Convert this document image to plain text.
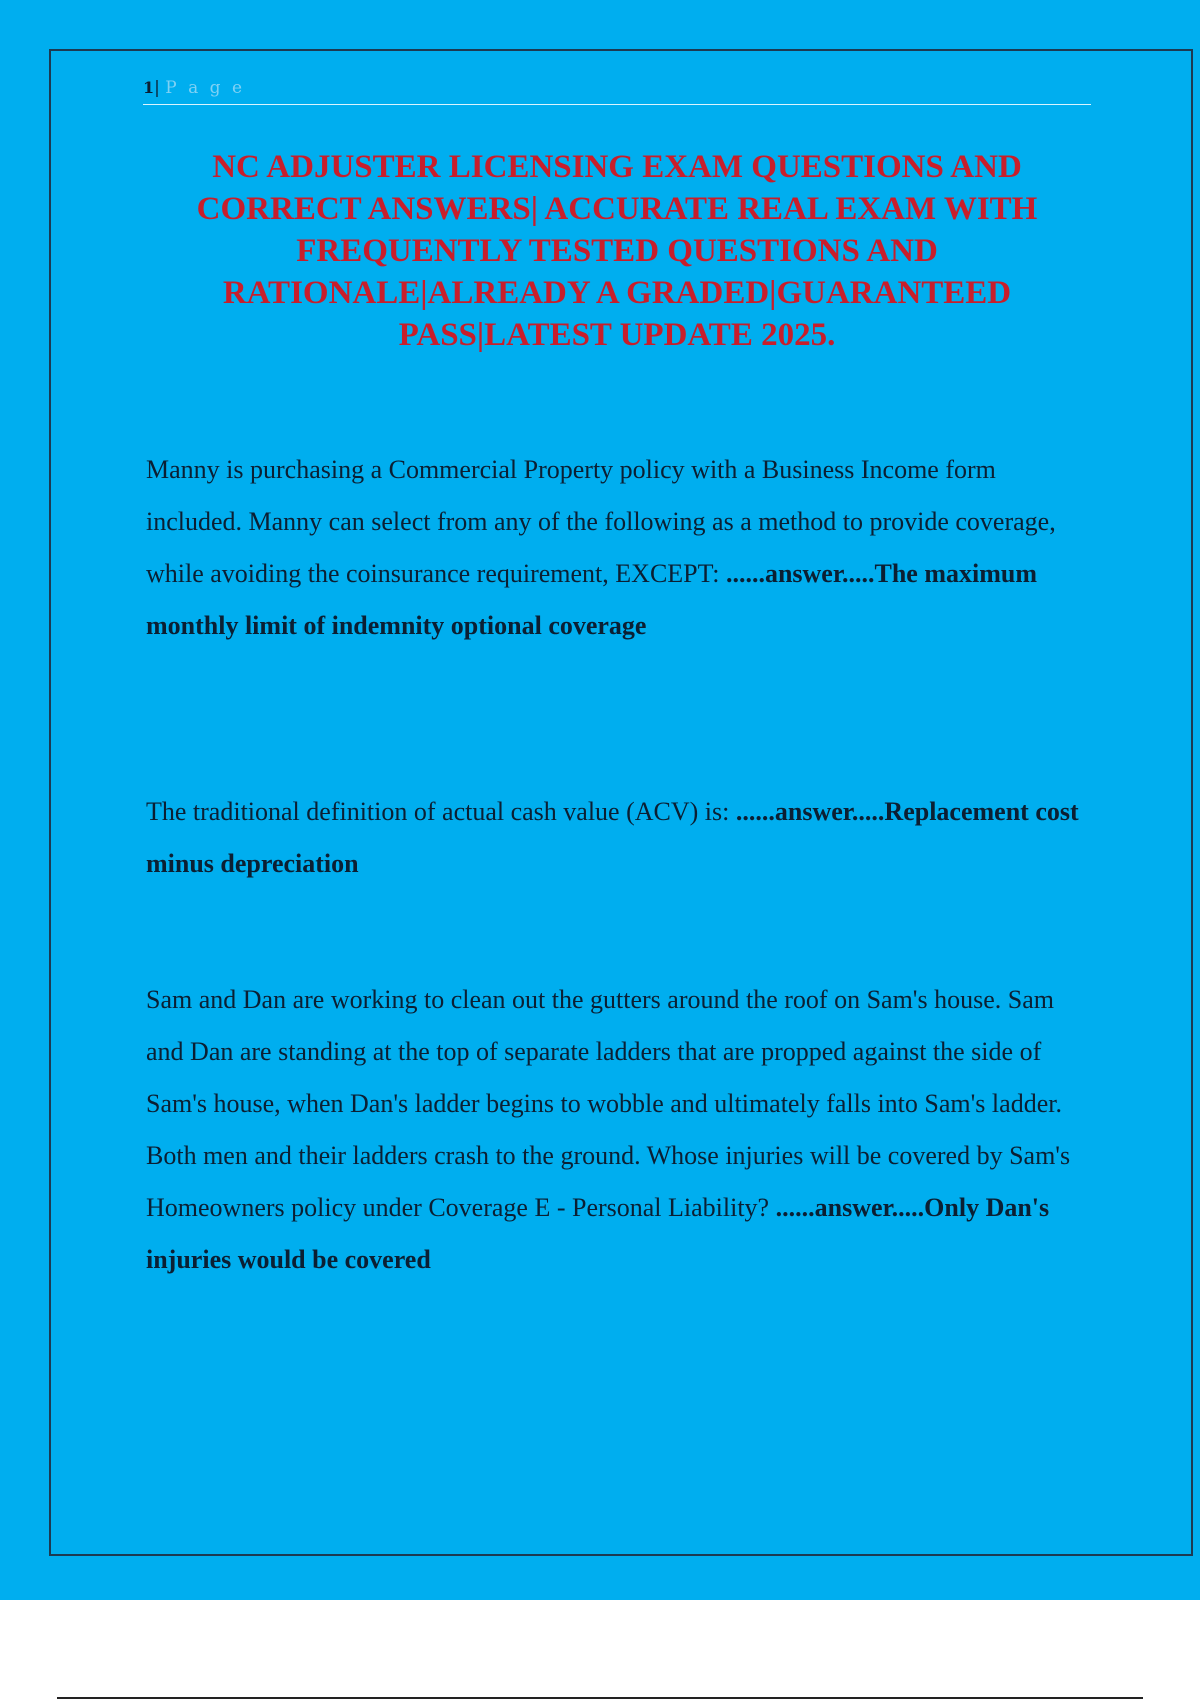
1| P a g e
NC ADJUSTER LICENSING EXAM QUESTIONS AND CORRECT ANSWERS| ACCURATE REAL EXAM WITH FREQUENTLY TESTED QUESTIONS AND RATIONALE|ALREADY A GRADED|GUARANTEED PASS|LATEST UPDATE 2025.

Manny is purchasing a Commercial Property policy with a Business Income form included. Manny can select from any of the following as a method to provide coverage, while avoiding the coinsurance requirement, EXCEPT: ......answer.....The maximum monthly limit of indemnity optional coverage

The traditional definition of actual cash value (ACV) is: ......answer.....Replacement cost minus depreciation

Sam and Dan are working to clean out the gutters around the roof on Sam's house. Sam and Dan are standing at the top of separate ladders that are propped against the side of Sam's house, when Dan's ladder begins to wobble and ultimately falls into Sam's ladder. Both men and their ladders crash to the ground. Whose injuries will be covered by Sam's Homeowners policy under Coverage E - Personal Liability? ......answer.....Only Dan's injuries would be covered
